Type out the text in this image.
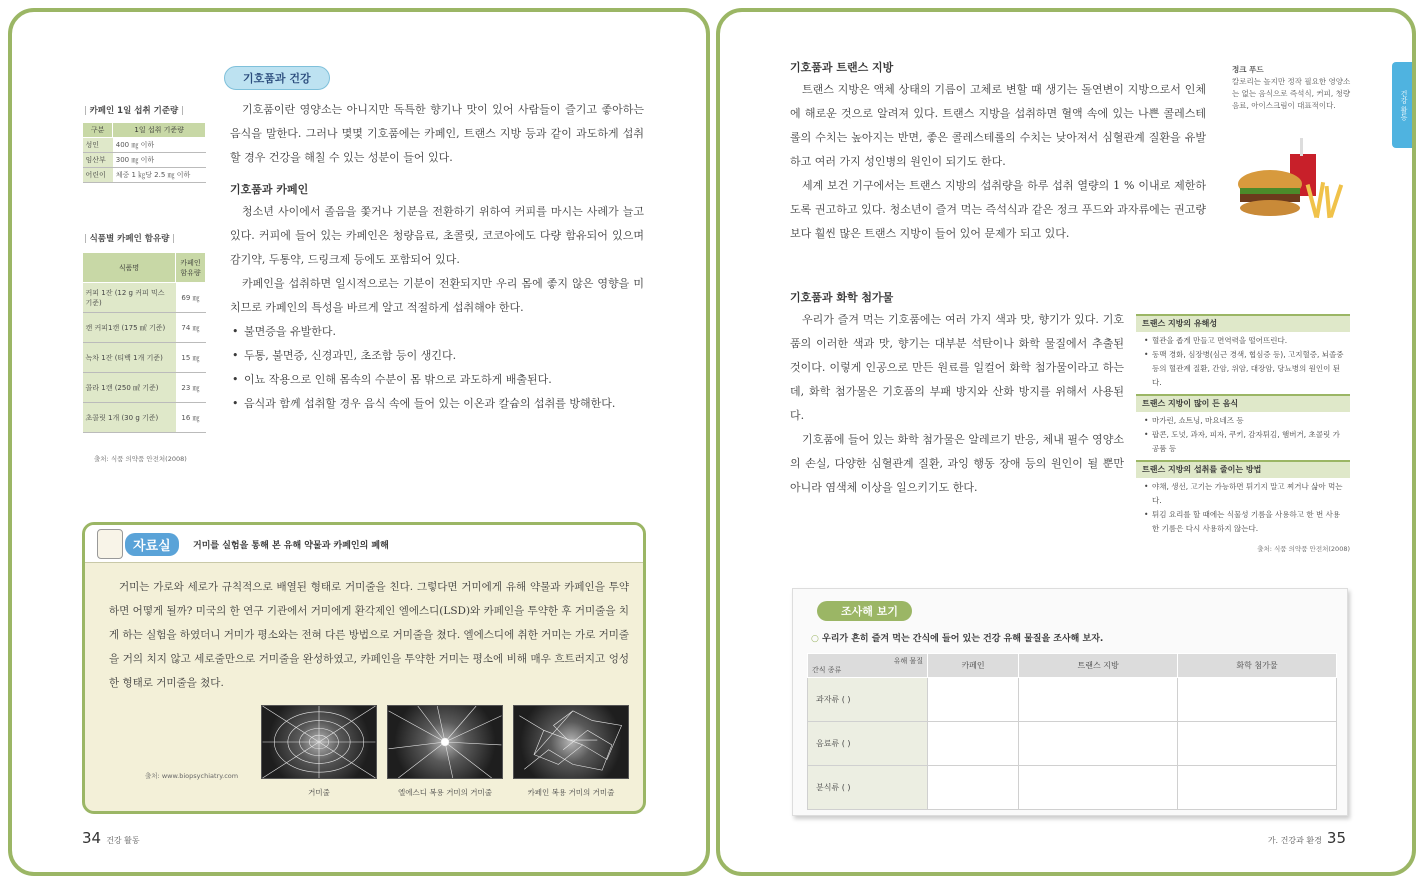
| 카페인 1일 섭취 기준량 |
구분	1일 섭취 기준량
성인	400 ㎎ 이하
임산부	300 ㎎ 이하
어린이	체중 1 ㎏당 2.5 ㎎ 이하
| 식품별 카페인 함유량 |
식품명	카페인 함유량
커피 1잔 (12 g 커피 믹스 기준)	69 ㎎
캔 커피1캔 (175 ㎖ 기준)	74 ㎎
녹차 1잔 (티백 1개 기준)	15 ㎎
콜라 1캔 (250 ㎖ 기준)	23 ㎎
초콜릿 1개 (30 g 기준)	16 ㎎
출처: 식품 의약품 안전처(2008)
기호품과 건강

기호품이란 영양소는 아니지만 독특한 향기나 맛이 있어 사람들이 즐기고 좋아하는 음식을 말한다. 그러나 몇몇 기호품에는 카페인, 트랜스 지방 등과 같이 과도하게 섭취할 경우 건강을 해칠 수 있는 성분이 들어 있다.

기호품과 카페인

청소년 사이에서 졸음을 쫓거나 기분을 전환하기 위하여 커피를 마시는 사례가 늘고 있다. 커피에 들어 있는 카페인은 청량음료, 초콜릿, 코코아에도 다량 함유되어 있으며 감기약, 두통약, 드링크제 등에도 포함되어 있다.

카페인을 섭취하면 일시적으로는 기분이 전환되지만 우리 몸에 좋지 않은 영향을 미치므로 카페인의 특성을 바르게 알고 적절하게 섭취해야 한다.

• 불면증을 유발한다.
• 두통, 불면증, 신경과민, 초조함 등이 생긴다.
• 이뇨 작용으로 인해 몸속의 수분이 몸 밖으로 과도하게 배출된다.
• 음식과 함께 섭취할 경우 음식 속에 들어 있는 이온과 칼슘의 섭취를 방해한다.
자료실	거미를 실험을 통해 본 유해 약물과 카페인의 폐해
거미는 가로와 세로가 규칙적으로 배열된 형태로 거미줄을 친다. 그렇다면 거미에게 유해 약물과 카페인을 투약하면 어떻게 될까? 미국의 한 연구 기관에서 거미에게 환각제인 엘에스디(LSD)와 카페인을 투약한 후 거미줄을 치게 하는 실험을 하였더니 거미가 평소와는 전혀 다른 방법으로 거미줄을 쳤다. 엘에스디에 취한 거미는 가로 거미줄을 거의 치지 않고 세로줄만으로 거미줄을 완성하였고, 카페인을 투약한 거미는 평소에 비해 매우 흐트러지고 엉성한 형태로 거미줄을 쳤다.
출처: www.biopsychiatry.com
거미줄	엘에스디 복용 거미의 거미줄	카페인 복용 거미의 거미줄
34 건강 활동
건강 활동
기호품과 트랜스 지방

트랜스 지방은 액체 상태의 기름이 고체로 변할 때 생기는 돌연변이 지방으로서 인체에 해로운 것으로 알려져 있다. 트랜스 지방을 섭취하면 혈액 속에 있는 나쁜 콜레스테롤의 수치는 높아지는 반면, 좋은 콜레스테롤의 수치는 낮아져서 심혈관계 질환을 유발하고 여러 가지 성인병의 원인이 되기도 한다.

세계 보건 기구에서는 트랜스 지방의 섭취량을 하루 섭취 열량의 1 % 이내로 제한하도록 권고하고 있다. 청소년이 즐겨 먹는 즉석식과 같은 정크 푸드와 과자류에는 권고량보다 훨씬 많은 트랜스 지방이 들어 있어 문제가 되고 있다.

정크 푸드
칼로리는 높지만 정작 필요한 영양소는 없는 음식으로 즉석식, 커피, 청량음료, 아이스크림이 대표적이다.
기호품과 화학 첨가물

우리가 즐겨 먹는 기호품에는 여러 가지 색과 맛, 향기가 있다. 기호품의 이러한 색과 맛, 향기는 대부분 석탄이나 화학 물질에서 추출된 것이다. 이렇게 인공으로 만든 원료를 일컬어 화학 첨가물이라고 하는데, 화학 첨가물은 기호품의 부패 방지와 산화 방지를 위해서 사용된다.

기호품에 들어 있는 화학 첨가물은 알레르기 반응, 체내 필수 영양소의 손실, 다양한 심혈관계 질환, 과잉 행동 장애 등의 원인이 될 뿐만 아니라 염색체 이상을 일으키기도 한다.

트랜스 지방의 유해성
• 혈관을 좁게 만들고 면역력을 떨어뜨린다.
• 동맥 경화, 심장병(심근 경색, 협심증 등), 고지혈증, 뇌졸중 등의 혈관계 질환, 간암, 위암, 대장암, 당뇨병의 원인이 된다.
트랜스 지방이 많이 든 음식
• 마가린, 쇼트닝, 마요네즈 등
• 팝콘, 도넛, 과자, 피자, 쿠키, 감자튀김, 햄버거, 초콜릿 가공품 등
트랜스 지방의 섭취를 줄이는 방법
• 야채, 생선, 고기는 가능하면 튀기지 말고 찌거나 삶아 먹는다.
• 튀김 요리를 할 때에는 식물성 기름을 사용하고 한 번 사용한 기름은 다시 사용하지 않는다.
출처: 식품 의약품 안전처(2008)
조사해 보기
○ 우리가 흔히 즐겨 먹는 간식에 들어 있는 건강 유해 물질을 조사해 보자.
유해 물질
간식 종류	카페인	트랜스 지방	화학 첨가물
과자류 ( )			
음료류 ( )			
분식류 ( )			
가. 건강과 환경 35
